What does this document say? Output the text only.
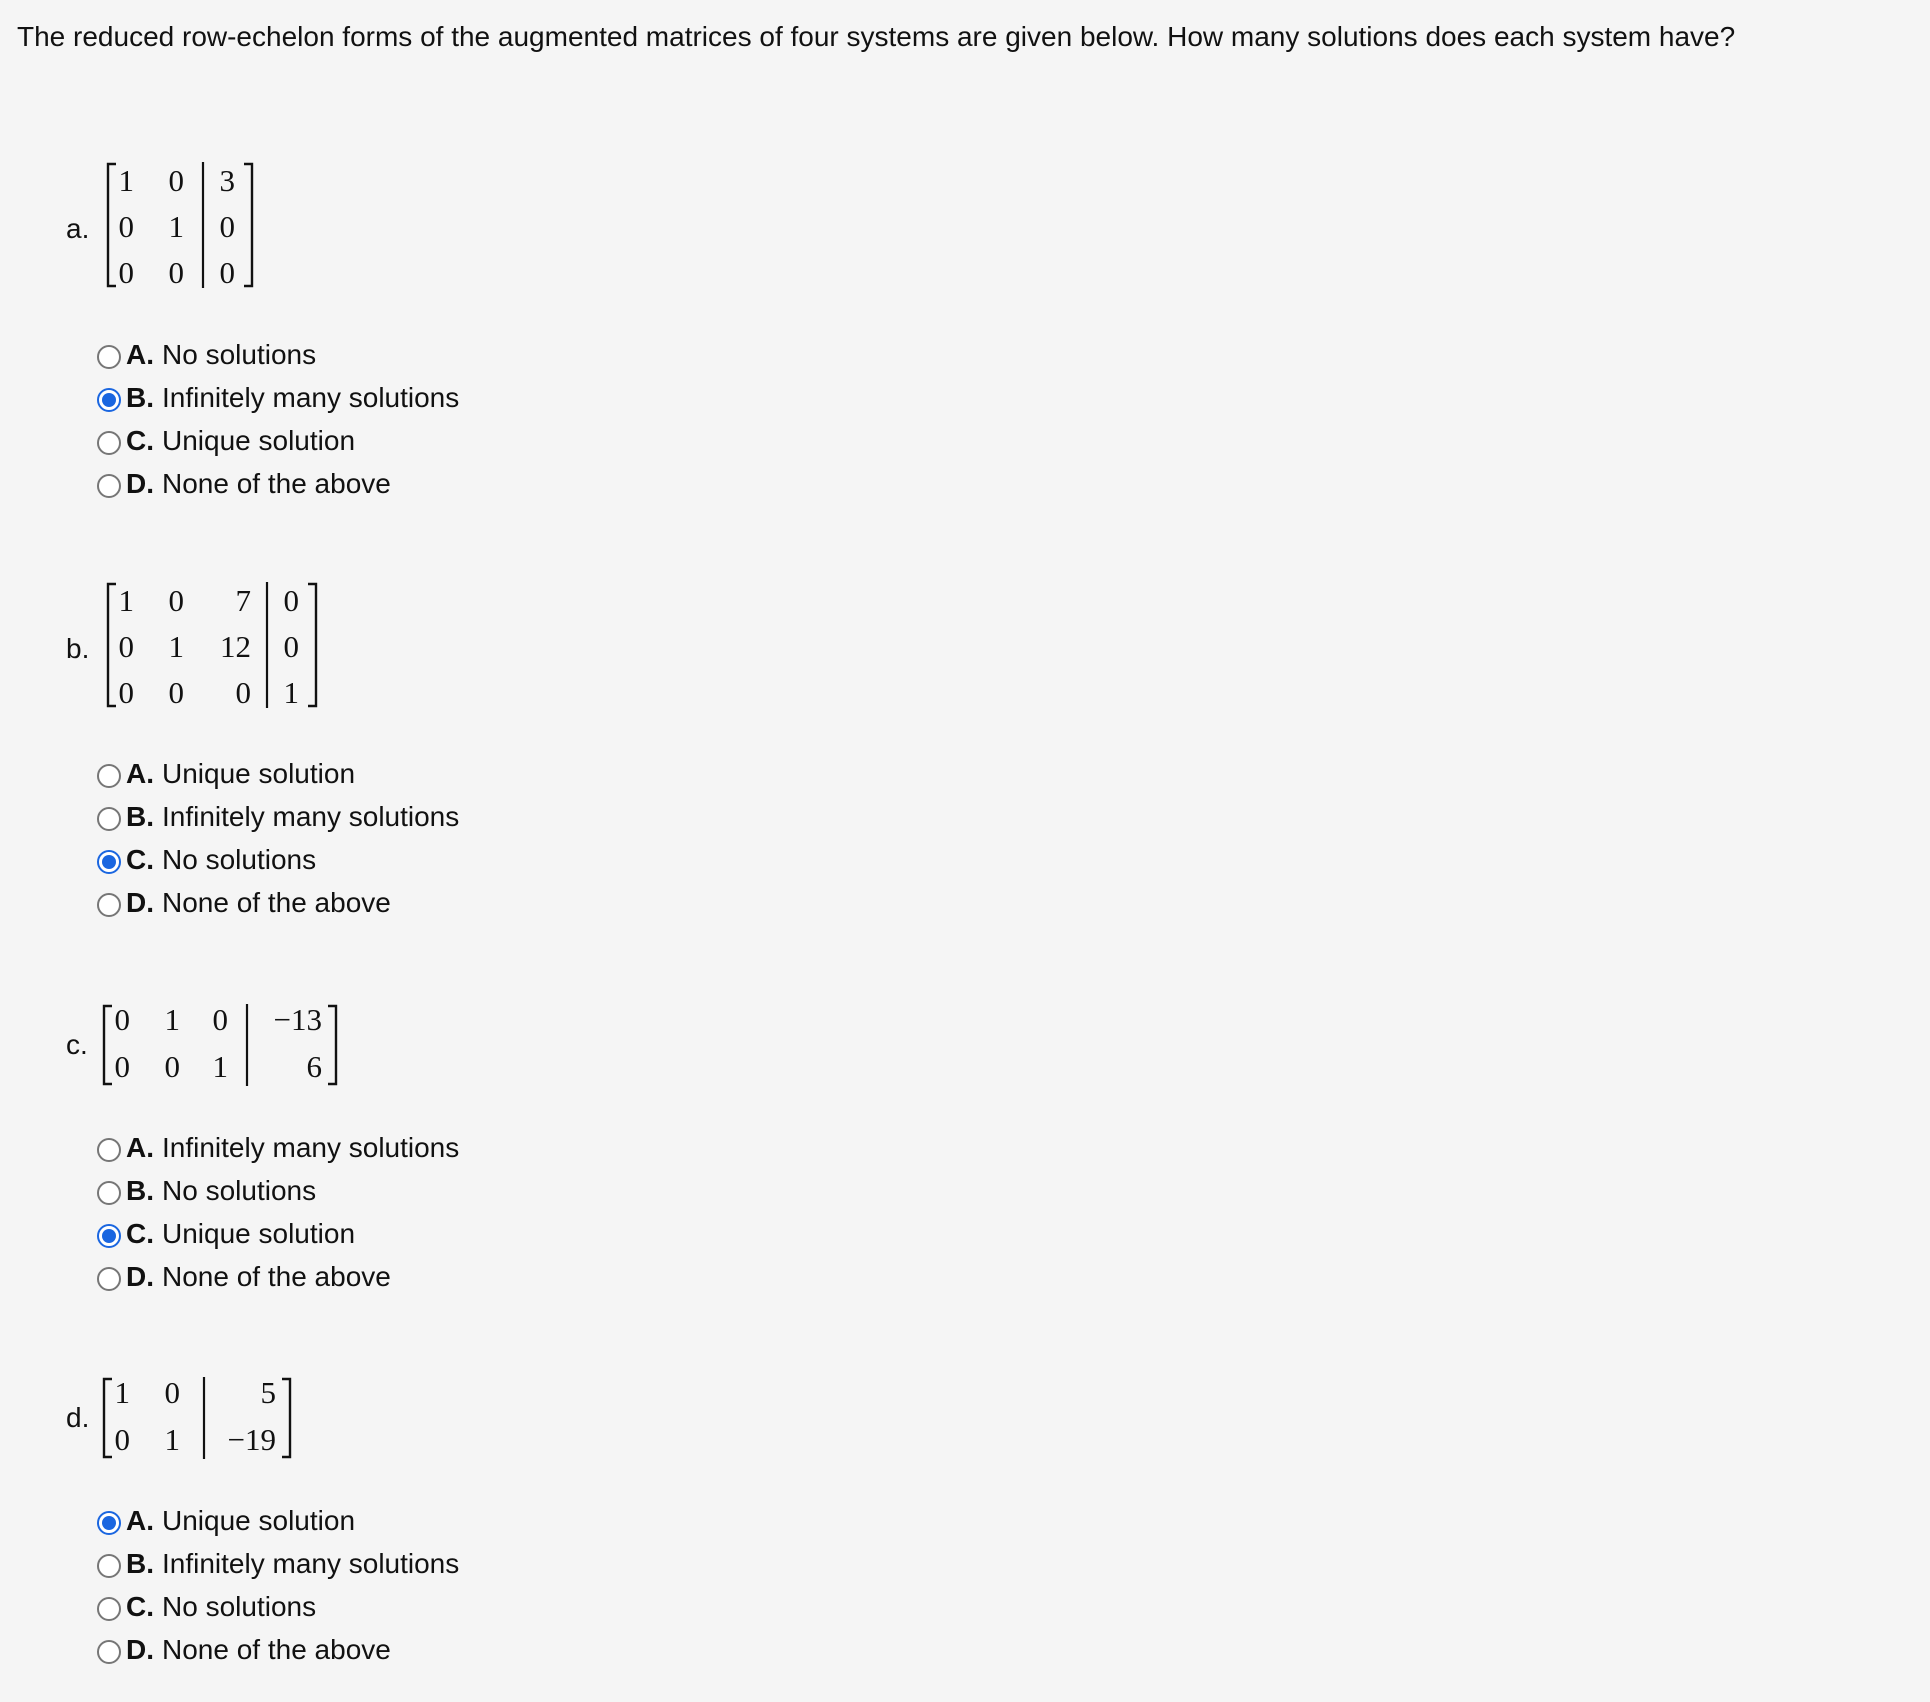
The reduced row-echelon forms of the augmented matrices of four systems are given below. How many solutions does each system have?
a.
1 0 3
0 1 0
0 0 0
A. No solutions
B. Infinitely many solutions
C. Unique solution
D. None of the above
b.
1 0 7 0
0 1 12 0
0 0 0 1
A. Unique solution
B. Infinitely many solutions
C. No solutions
D. None of the above
c.
0 1 0 −13
0 0 1	6
A. Infinitely many solutions
B. No solutions
C. Unique solution
D. None of the above
d.
1 0	5
0 1 −19
A. Unique solution
B. Infinitely many solutions
C. No solutions
D. None of the above
